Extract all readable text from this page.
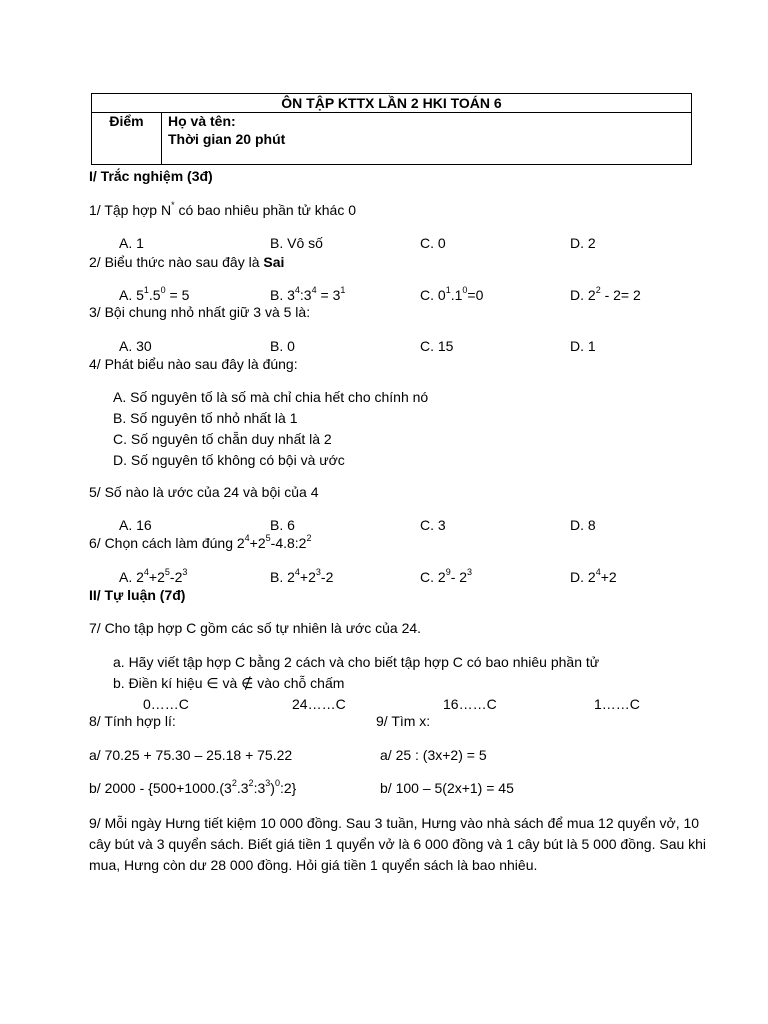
ÔN TẬP KTTX LẦN 2 HKI TOÁN 6
Điểm	Họ và tên:
Thời gian 20 phút
I/ Trắc nghiệm (3đ)
1/ Tập hợp N* có bao nhiêu phần tử khác 0
A. 1	B. Vô số	C. 0	D. 2
2/ Biểu thức nào sau đây là Sai
A. $5^1.5^0 = 5$	B. $3^4:3^4 = 3^1$	C. $0^1.1^0=0$	D. $2^2 - 2= 2$
3/ Bội chung nhỏ nhất giữ 3 và 5 là:
A. 30	B. 0	C. 15	D. 1
4/ Phát biểu nào sau đây là đúng:
A. Số nguyên tố là số mà chỉ chia hết cho chính nó
B. Số nguyên tố nhỏ nhất là 1
C. Số nguyên tố chẵn duy nhất là 2
D. Số nguyên tố không có bội và ước
5/ Số nào là ước của 24 và bội của 4
A. 16	B. 6	C. 3	D. 8
6/ Chọn cách làm đúng $2^4+2^5-4.8:2^2$
A. $2^4+2^5-2^3$	B. $2^4+2^3-2$	C. $2^9-$ $2^3$	D. $2^4+2$
II/ Tự luận (7đ)
7/ Cho tập hợp C gồm các số tự nhiên là ước của 24.
a. Hãy viết tập hợp C bằng 2 cách và cho biết tập hợp C có bao nhiêu phần tử
b. Điền kí hiệu ∈ và ∉ vào chỗ chấm
0……C	24……C	16……C	1……C
8/ Tính hợp lí:	9/ Tìm x:
a/ 70.25 + 75.30 – 25.18 + 75.22	a/ 25 : (3x+2) = 5
b/ $2000 - \{500+1000.(3^2.3^2:3^3)^0:2\}$	b/ 100 – 5(2x+1) = 45
9/ Mỗi ngày Hưng tiết kiệm 10 000 đồng. Sau 3 tuần, Hưng vào nhà sách để mua 12 quyển vở, 10 cây bút và 3 quyển sách. Biết giá tiền 1 quyển vở là 6 000 đồng và 1 cây bút là 5 000 đồng. Sau khi mua, Hưng còn dư 28 000 đồng. Hỏi giá tiền 1 quyển sách là bao nhiêu.
